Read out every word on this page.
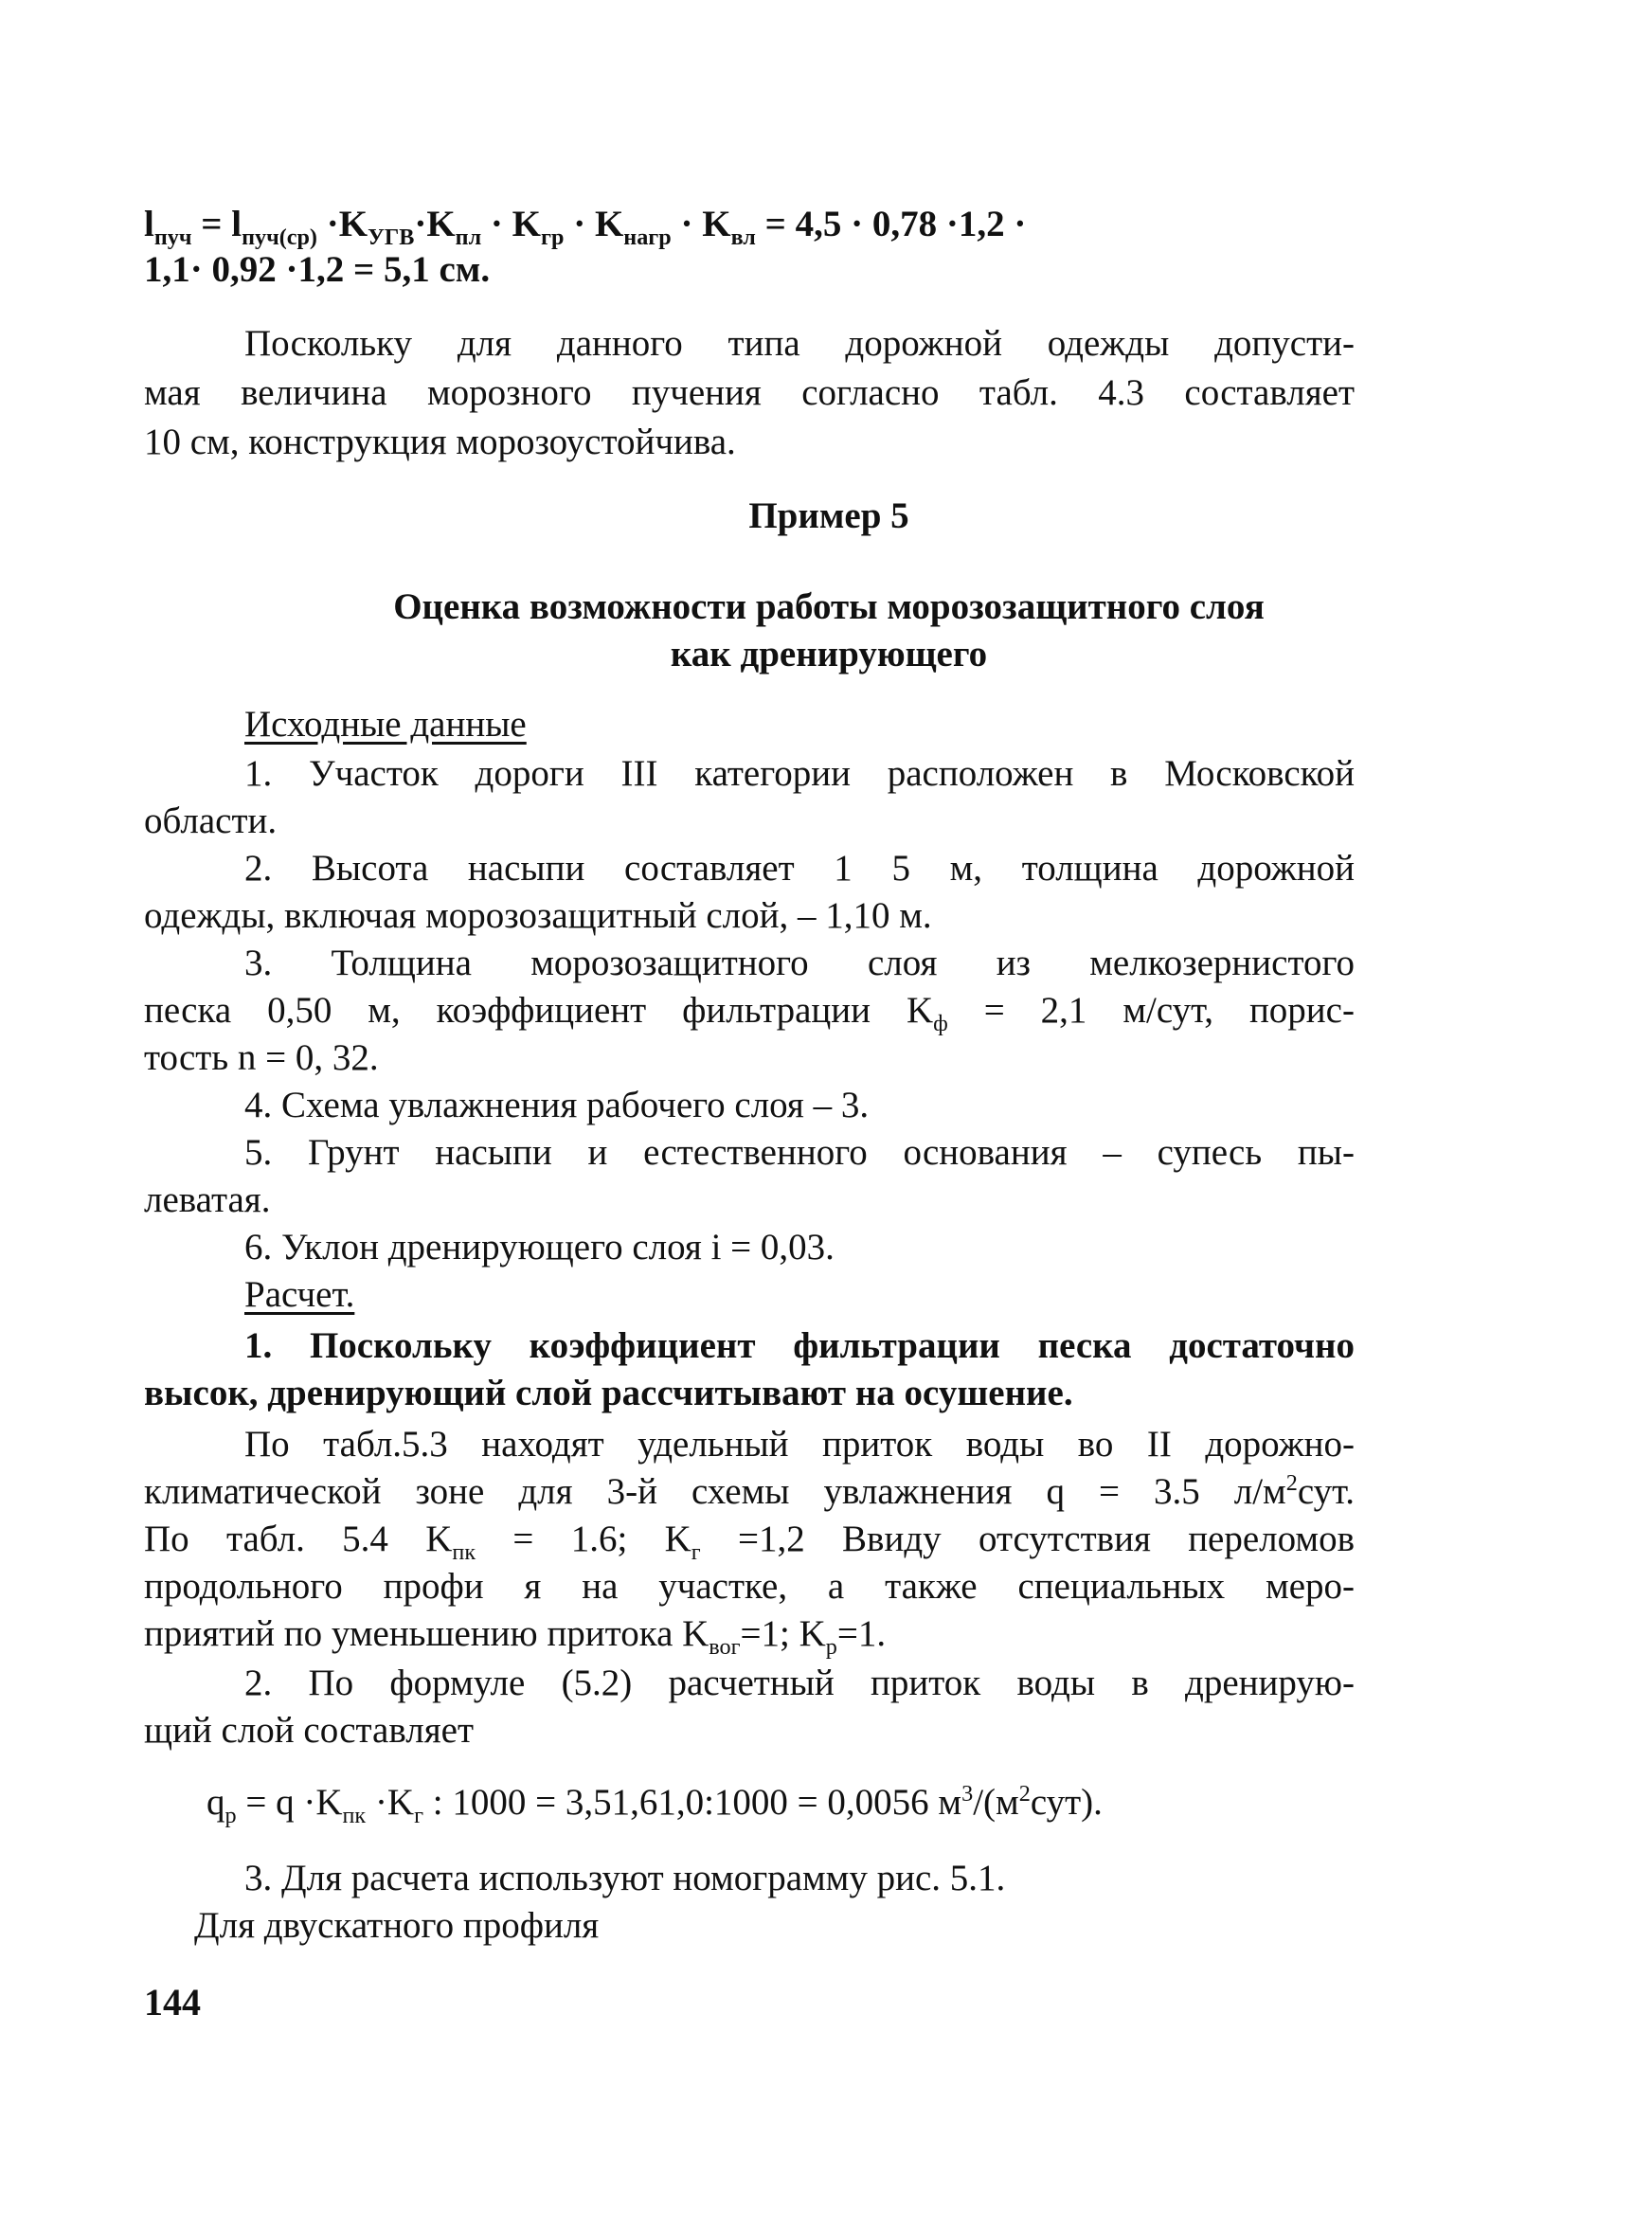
$l_{пуч} = l_{пуч(ср)} \cdot K_{УГВ}\cdot K_{пл} \cdot K_{гр} \cdot K_{нагр} \cdot K_{вл} = 4,5 \cdot 0,78 \cdot 1,2$ ·
1,1· 0,92 ·1,2 = 5,1 см.
Поскольку для данного типа дорожной одежды допусти-
мая величина морозного пучения согласно табл. 4.3 составляет
10 см, конструкция морозоустойчива.
Пример 5
Оценка возможности работы морозозащитного слоя
как дренирующего
Исходные данные
1. Участок дороги III категории расположен в Московской
области.
2. Высота насыпи составляет 1 5 м, толщина дорожной
одежды, включая морозозащитный слой, – 1,10 м.
3. Толщина морозозащитного слоя из мелкозернистого
песка 0,50 м, коэффициент фильтрации $K_ф = 2,1$ м/сут, порис-
тость n = 0, 32.
4. Схема увлажнения рабочего слоя – 3.
5. Грунт насыпи и естественного основания – супесь пы-
леватая.
6. Уклон дренирующего слоя i = 0,03.
Расчет.
1. Поскольку коэффициент фильтрации песка достаточно
высок, дренирующий слой рассчитывают на осушение.
По табл.5.3 находят удельный приток воды во II дорожно-
климатической зоне для 3-й схемы увлажнения q = 3.5 $л/м^2сут$.
По табл. 5.4 $K_{пк} = 1.6$; $K_г =1,2$ Ввиду отсутствия переломов
продольного профи я на участке, а также специальных меро-
приятий по уменьшению притока $K_{вог}=1$; $K_р=1$.
2. По формуле (5.2) расчетный приток воды в дренирую-
щий слой составляет
$q_р = q \cdot K_{пк} \cdot K_г$ : 1000 = 3,51,61,0:1000 = 0,0056 $м^3/(м^2сут)$.
3. Для расчета используют номограмму рис. 5.1.
Для двускатного профиля
144
